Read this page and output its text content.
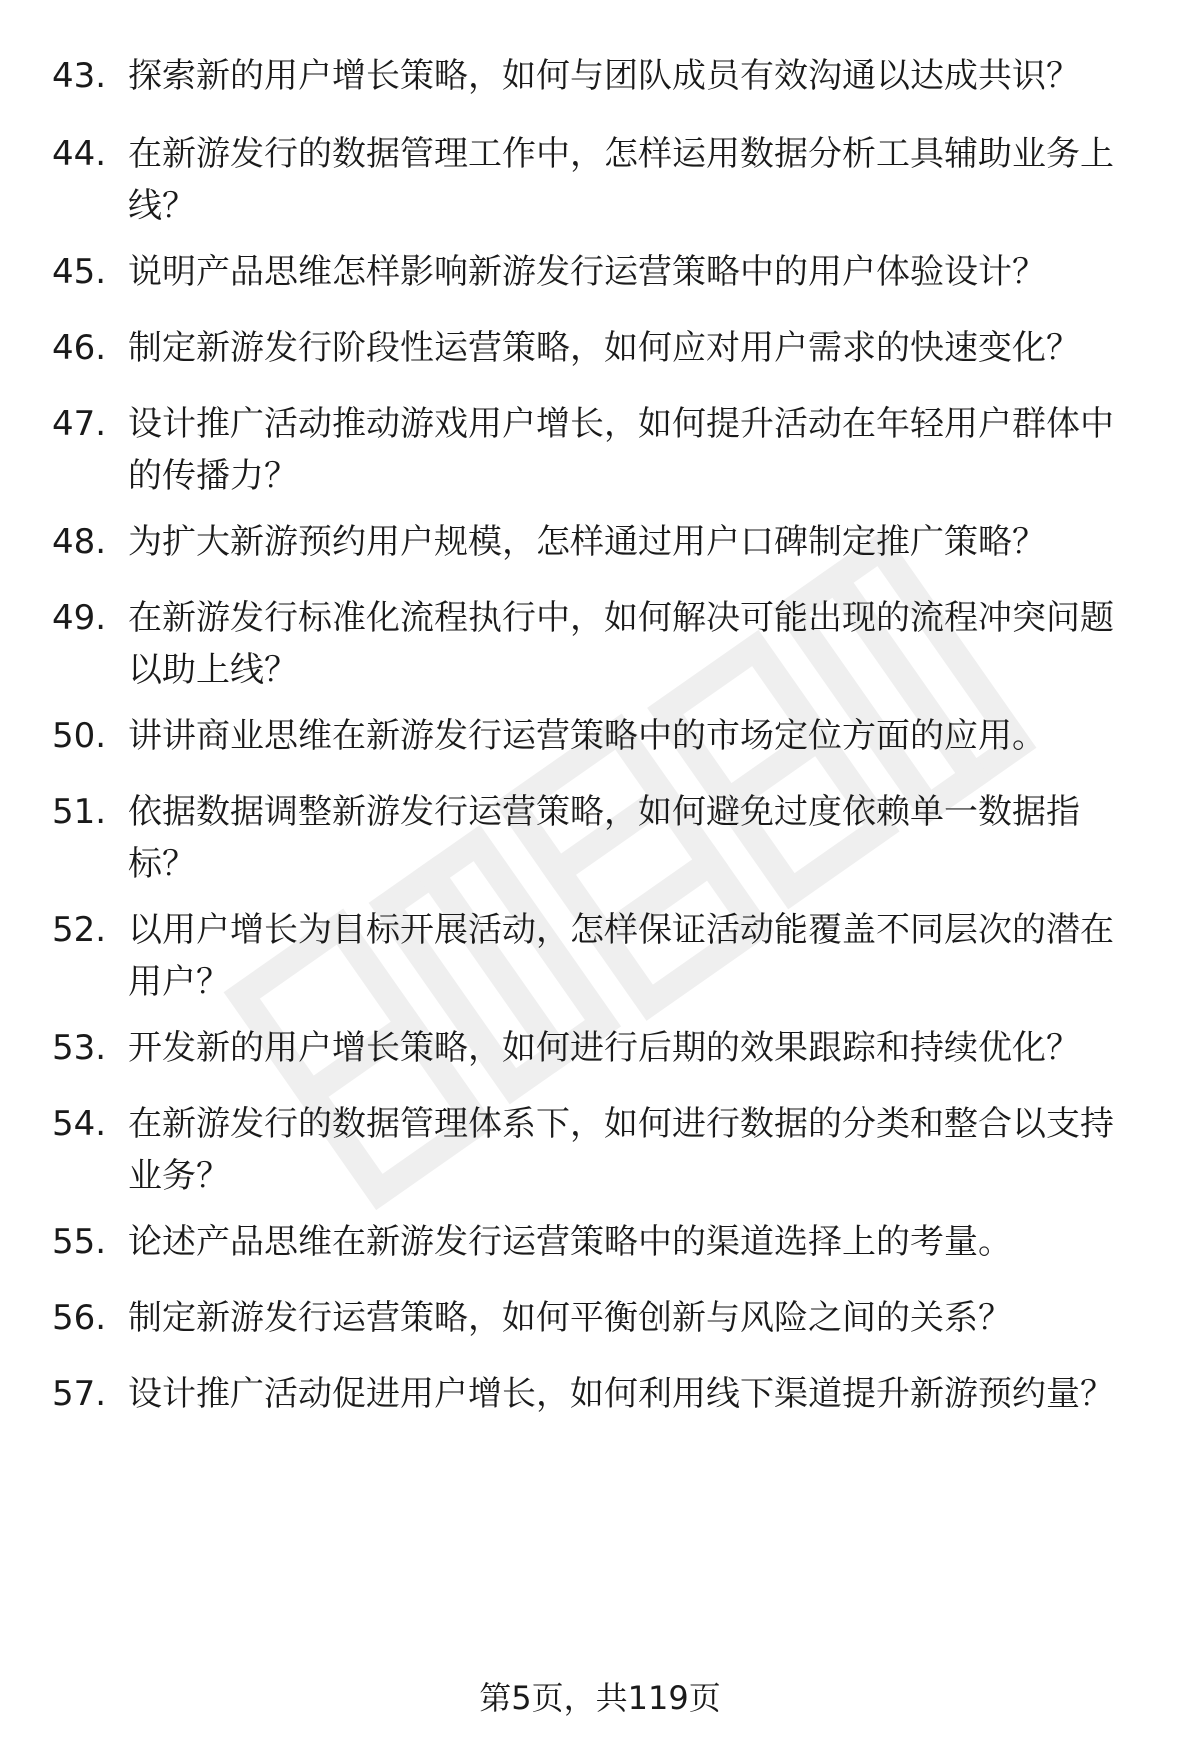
43. 探索新的用户增长策略，如何与团队成员有效沟通以达成共识？
44. 在新游发行的数据管理工作中，怎样运用数据分析工具辅助业务上线？
45. 说明产品思维怎样影响新游发行运营策略中的用户体验设计？
46. 制定新游发行阶段性运营策略，如何应对用户需求的快速变化？
47. 设计推广活动推动游戏用户增长，如何提升活动在年轻用户群体中的传播力？
48. 为扩大新游预约用户规模，怎样通过用户口碑制定推广策略？
49. 在新游发行标准化流程执行中，如何解决可能出现的流程冲突问题以助上线？
50. 讲讲商业思维在新游发行运营策略中的市场定位方面的应用。
51. 依据数据调整新游发行运营策略，如何避免过度依赖单一数据指标？
52. 以用户增长为目标开展活动，怎样保证活动能覆盖不同层次的潜在用户？
53. 开发新的用户增长策略，如何进行后期的效果跟踪和持续优化？
54. 在新游发行的数据管理体系下，如何进行数据的分类和整合以支持业务？
55. 论述产品思维在新游发行运营策略中的渠道选择上的考量。
56. 制定新游发行运营策略，如何平衡创新与风险之间的关系？
57. 设计推广活动促进用户增长，如何利用线下渠道提升新游预约量？
第5页，共119页
